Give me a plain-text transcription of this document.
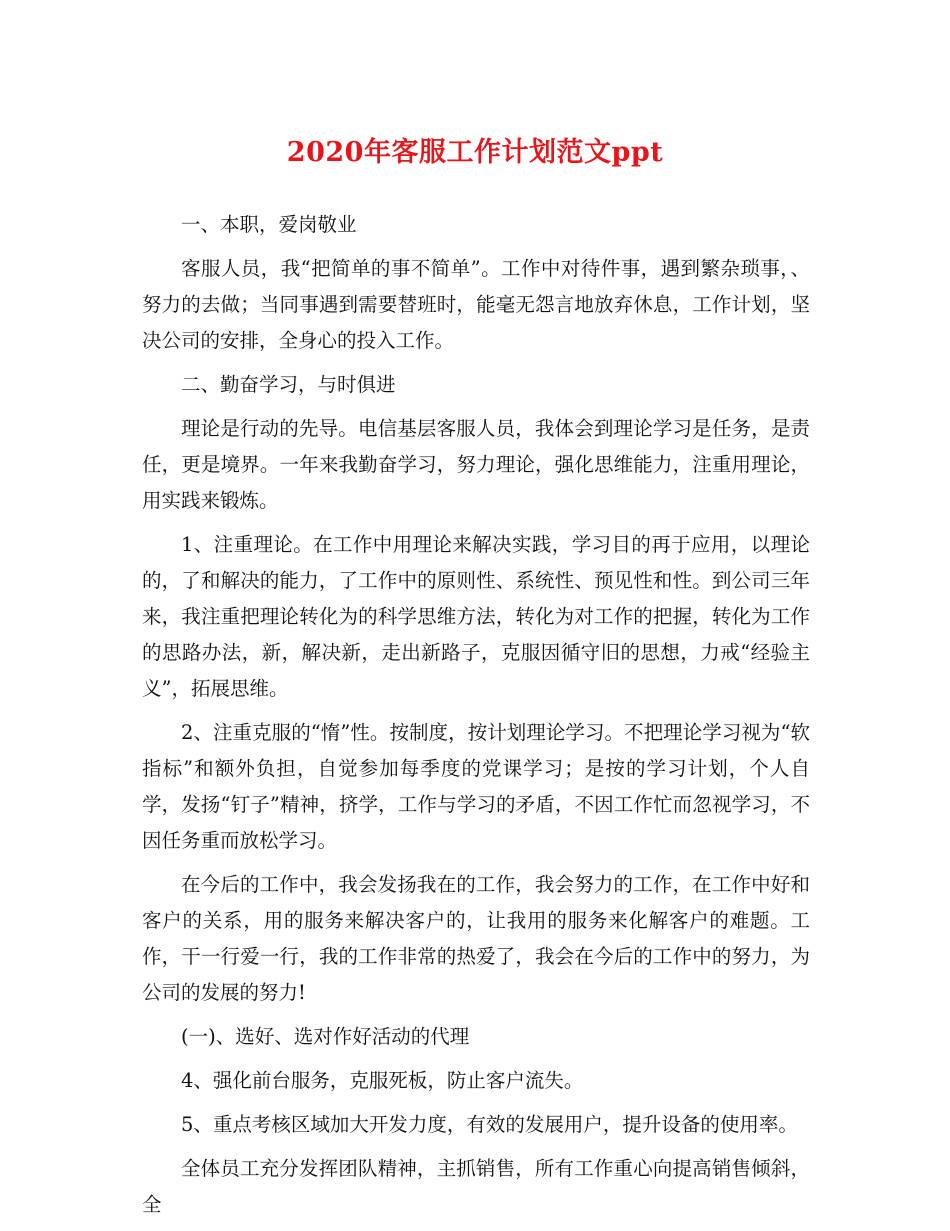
2020年客服工作计划范文ppt

一、本职，爱岗敬业

客服人员，我“把简单的事不简单”。工作中对待件事，遇到繁杂琐事，、努力的去做；当同事遇到需要替班时，能毫无怨言地放弃休息，工作计划，坚决公司的安排，全身心的投入工作。

二、勤奋学习，与时俱进

理论是行动的先导。电信基层客服人员，我体会到理论学习是任务，是责任，更是境界。一年来我勤奋学习，努力理论，强化思维能力，注重用理论，用实践来锻炼。

1、注重理论。在工作中用理论来解决实践，学习目的再于应用，以理论的，了和解决的能力，了工作中的原则性、系统性、预见性和性。到公司三年来，我注重把理论转化为的科学思维方法，转化为对工作的把握，转化为工作的思路办法，新，解决新，走出新路子，克服因循守旧的思想，力戒“经验主义”，拓展思维。

2、注重克服的“惰”性。按制度，按计划理论学习。不把理论学习视为“软指标”和额外负担，自觉参加每季度的党课学习；是按的学习计划，个人自学，发扬“钉子”精神，挤学，工作与学习的矛盾，不因工作忙而忽视学习，不因任务重而放松学习。

在今后的工作中，我会发扬我在的工作，我会努力的工作，在工作中好和客户的关系，用的服务来解决客户的，让我用的服务来化解客户的难题。工作，干一行爱一行，我的工作非常的热爱了，我会在今后的工作中的努力，为公司的发展的努力!

(一)、选好、选对作好活动的代理

4、强化前台服务，克服死板，防止客户流失。

5、重点考核区域加大开发力度，有效的发展用户，提升设备的使用率。

全体员工充分发挥团队精神，主抓销售，所有工作重心向提高销售倾斜，全
